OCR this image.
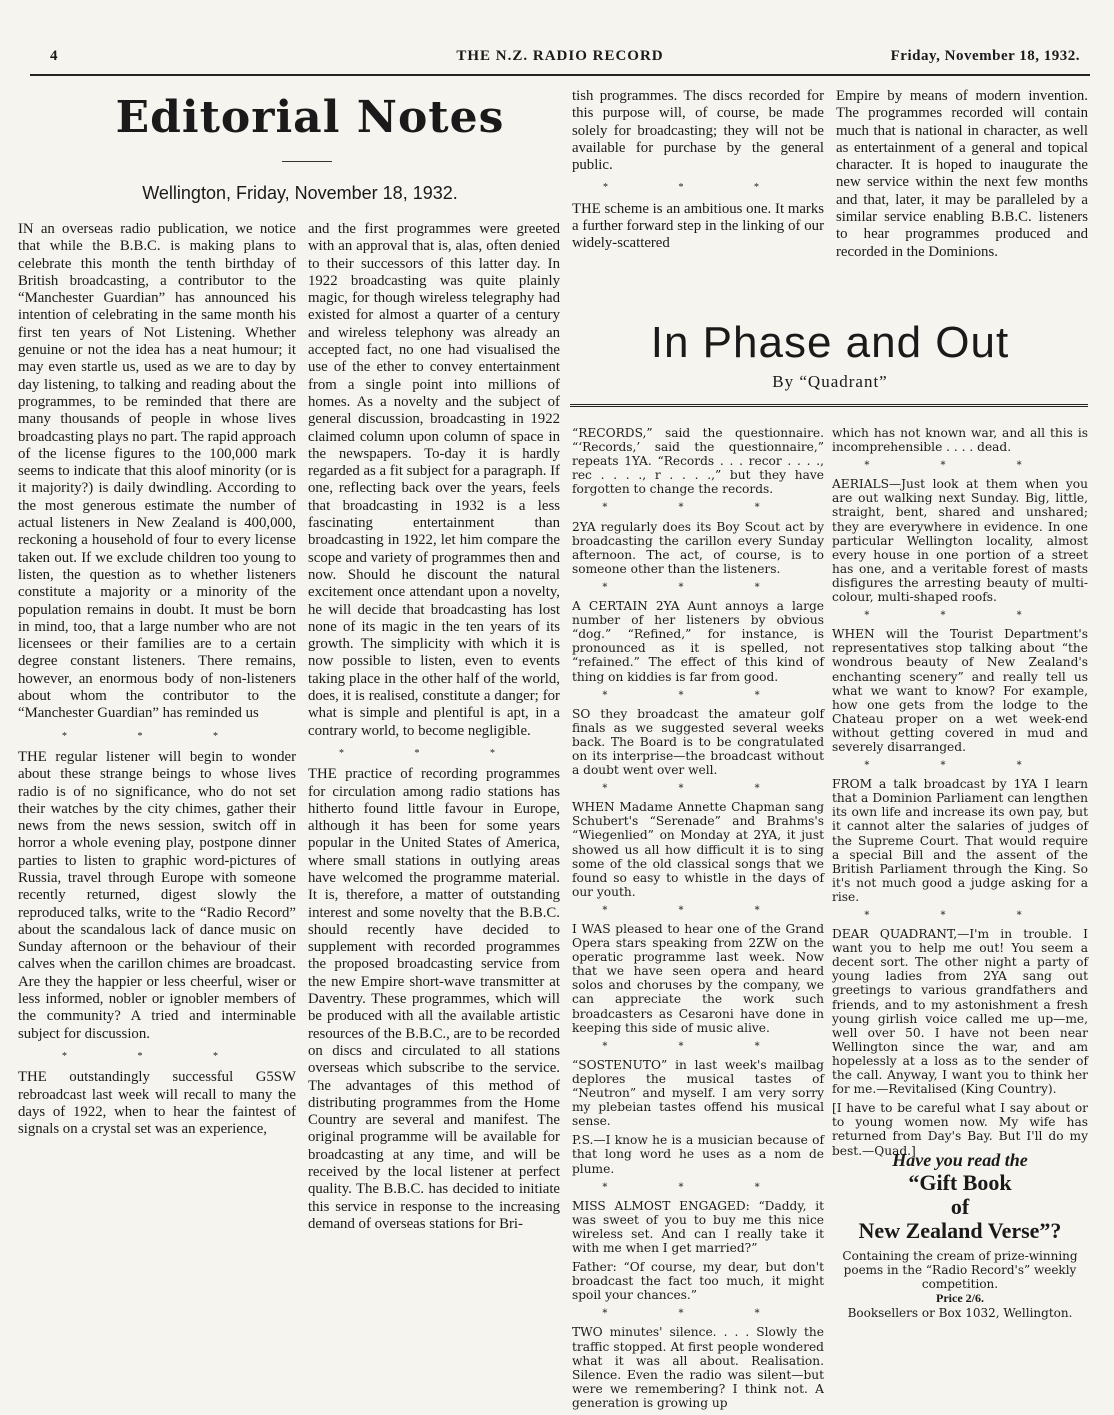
4	THE N.Z. RADIO RECORD	Friday, November 18, 1932.
Editorial Notes
Wellington, Friday, November 18, 1932.

IN an overseas radio publication, we notice that while the B.B.C. is making plans to celebrate this month the tenth birthday of British broadcasting, a contributor to the “Manchester Guardian” has announced his intention of celebrating in the same month his first ten years of Not Listening. Whether genuine or not the idea has a neat humour; it may even startle us, used as we are to day by day listening, to talking and reading about the programmes, to be reminded that there are many thousands of people in whose lives broadcasting plays no part. The rapid approach of the license figures to the 100,000 mark seems to indicate that this aloof minority (or is it majority?) is daily dwindling. According to the most generous estimate the number of actual listeners in New Zealand is 400,000, reckoning a household of four to every license taken out. If we exclude children too young to listen, the question as to whether listeners constitute a majority or a minority of the population remains in doubt. It must be born in mind, too, that a large number who are not licensees or their families are to a certain degree constant listeners. There remains, however, an enormous body of non-listeners about whom the contributor to the “Manchester Guardian” has reminded us

* * *

THE regular listener will begin to wonder about these strange beings to whose lives radio is of no significance, who do not set their watches by the city chimes, gather their news from the news session, switch off in horror a whole evening play, postpone dinner parties to listen to graphic word-pictures of Russia, travel through Europe with someone recently returned, digest slowly the reproduced talks, write to the “Radio Record” about the scandalous lack of dance music on Sunday afternoon or the behaviour of their calves when the carillon chimes are broadcast. Are they the happier or less cheerful, wiser or less informed, nobler or ignobler members of the community? A tried and interminable subject for discussion.

* * *

THE outstandingly successful G5SW rebroadcast last week will recall to many the days of 1922, when to hear the faintest of signals on a crystal set was an experience,

and the first programmes were greeted with an approval that is, alas, often denied to their successors of this latter day. In 1922 broadcasting was quite plainly magic, for though wireless telegraphy had existed for almost a quarter of a century and wireless telephony was already an accepted fact, no one had visualised the use of the ether to convey entertainment from a single point into millions of homes. As a novelty and the subject of general discussion, broadcasting in 1922 claimed column upon column of space in the newspapers. To-day it is hardly regarded as a fit subject for a paragraph. If one, reflecting back over the years, feels that broadcasting in 1932 is a less fascinating entertainment than broadcasting in 1922, let him compare the scope and variety of programmes then and now. Should he discount the natural excitement once attendant upon a novelty, he will decide that broadcasting has lost none of its magic in the ten years of its growth. The simplicity with which it is now possible to listen, even to events taking place in the other half of the world, does, it is realised, constitute a danger; for what is simple and plentiful is apt, in a contrary world, to become negligible.

* * *

THE practice of recording programmes for circulation among radio stations has hitherto found little favour in Europe, although it has been for some years popular in the United States of America, where small stations in outlying areas have welcomed the programme material. It is, therefore, a matter of outstanding interest and some novelty that the B.B.C. should recently have decided to supplement with recorded programmes the proposed broadcasting service from the new Empire short-wave transmitter at Daventry. These programmes, which will be produced with all the available artistic resources of the B.B.C., are to be recorded on discs and circulated to all stations overseas which subscribe to the service. The advantages of this method of distributing programmes from the Home Country are several and manifest. The original programme will be available for broadcasting at any time, and will be received by the local listener at perfect quality. The B.B.C. has decided to initiate this service in response to the increasing demand of overseas stations for Bri-

tish programmes. The discs recorded for this purpose will, of course, be made solely for broadcasting; they will not be available for purchase by the general public.

* * *

THE scheme is an ambitious one. It marks a further forward step in the linking of our widely-scattered

Empire by means of modern invention. The programmes recorded will contain much that is national in character, as well as entertainment of a general and topical character. It is hoped to inaugurate the new service within the next few months and that, later, it may be paralleled by a similar service enabling B.B.C. listeners to hear programmes produced and recorded in the Dominions.

In Phase and Out
By “Quadrant”

“RECORDS,” said the questionnaire. “‘Records,’ said the questionnaire,” repeats 1YA. “Records . . . recor . . . ., rec . . . ., r . . . .,” but they have forgotten to change the records.

* * *

2YA regularly does its Boy Scout act by broadcasting the carillon every Sunday afternoon. The act, of course, is to someone other than the listeners.

* * *

A CERTAIN 2YA Aunt annoys a large number of her listeners by obvious “dog.” “Refined,” for instance, is pronounced as it is spelled, not “refained.” The effect of this kind of thing on kiddies is far from good.

* * *

SO they broadcast the amateur golf finals as we suggested several weeks back. The Board is to be congratulated on its interprise—the broadcast without a doubt went over well.

* * *

WHEN Madame Annette Chapman sang Schubert's “Serenade” and Brahms's “Wiegenlied” on Monday at 2YA, it just showed us all how difficult it is to sing some of the old classical songs that we found so easy to whistle in the days of our youth.

* * *

I WAS pleased to hear one of the Grand Opera stars speaking from 2ZW on the operatic programme last week. Now that we have seen opera and heard solos and choruses by the company, we can appreciate the work such broadcasters as Cesaroni have done in keeping this side of music alive.

* * *

“SOSTENUTO” in last week's mailbag deplores the musical tastes of “Neutron” and myself. I am very sorry my plebeian tastes offend his musical sense.

P.S.—I know he is a musician because of that long word he uses as a nom de plume.

* * *

MISS ALMOST ENGAGED: “Daddy, it was sweet of you to buy me this nice wireless set. And can I really take it with me when I get married?”

Father: “Of course, my dear, but don't broadcast the fact too much, it might spoil your chances.”

* * *

TWO minutes' silence. . . . Slowly the traffic stopped. At first people wondered what it was all about. Realisation. Silence. Even the radio was silent—but were we remembering? I think not. A generation is growing up

which has not known war, and all this is incomprehensible . . . . dead.

* * *

AERIALS—Just look at them when you are out walking next Sunday. Big, little, straight, bent, shared and unshared; they are everywhere in evidence. In one particular Wellington locality, almost every house in one portion of a street has one, and a veritable forest of masts disfigures the arresting beauty of multi-colour, multi-shaped roofs.

* * *

WHEN will the Tourist Department's representatives stop talking about “the wondrous beauty of New Zealand's enchanting scenery” and really tell us what we want to know? For example, how one gets from the lodge to the Chateau proper on a wet week-end without getting covered in mud and severely disarranged.

* * *

FROM a talk broadcast by 1YA I learn that a Dominion Parliament can lengthen its own life and increase its own pay, but it cannot alter the salaries of judges of the Supreme Court. That would require a special Bill and the assent of the British Parliament through the King. So it's not much good a judge asking for a rise.

* * *

DEAR QUADRANT,—I'm in trouble. I want you to help me out! You seem a decent sort. The other night a party of young ladies from 2YA sang out greetings to various grandfathers and friends, and to my astonishment a fresh young girlish voice called me up—me, well over 50. I have not been near Wellington since the war, and am hopelessly at a loss as to the sender of the call. Anyway, I want you to think her for me.—Revitalised (King Country).

[I have to be careful what I say about or to young women now. My wife has returned from Day's Bay. But I'll do my best.—Quad.]

Have you read the
“Gift Book
of
New Zealand Verse”?
Containing the cream of prize-winning poems in the “Radio Record's” weekly competition.
Price 2/6.
Booksellers or Box 1032, Wellington.
